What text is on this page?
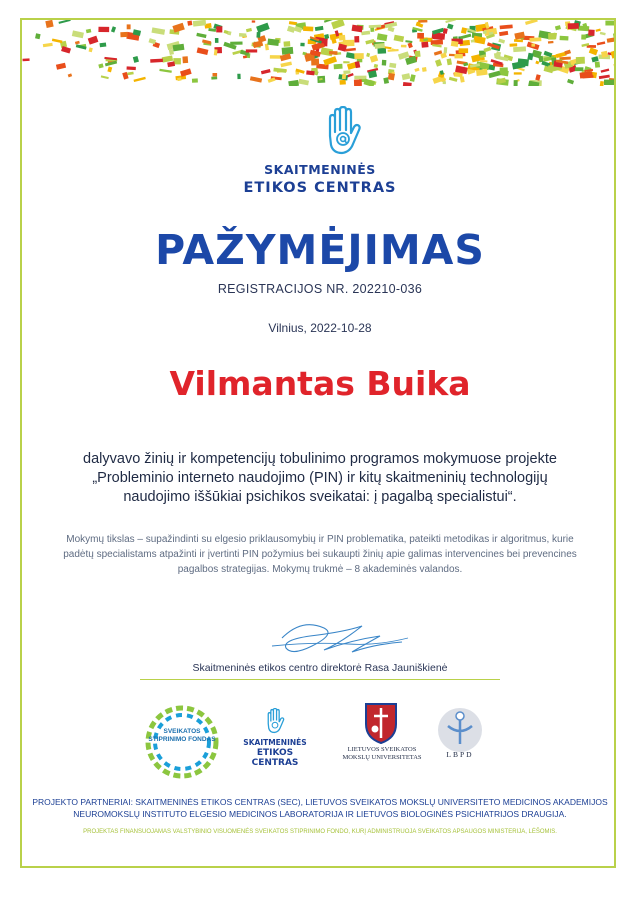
SKAITMENINĖS
ETIKOS CENTRAS
PAŽYMĖJIMAS
REGISTRACIJOS NR. 202210-036
Vilnius, 2022-10-28
Vilmantas Buika
dalyvavo žinių ir kompetencijų tobulinimo programos mokymuose projekte „Probleminio interneto naudojimo (PIN) ir kitų skaitmeninių technologijų naudojimo iššūkiai psichikos sveikatai: į pagalbą specialistui“.
Mokymų tikslas – supažindinti su elgesio priklausomybių ir PIN problematika, pateikti metodikas ir algoritmus, kurie padėtų specialistams atpažinti ir įvertinti PIN požymius bei sukaupti žinių apie galimas intervencines bei prevencines pagalbos strategijas. Mokymų trukmė – 8 akademinės valandos.
Skaitmeninės etikos centro direktorė Rasa Jauniškienė
SVEIKATOS STIPRINIMO FONDAS	SKAITMENINĖS
ETIKOS CENTRAS
LIETUVOS SVEIKATOS MOKSLŲ UNIVERSITETAS	LBPD
PROJEKTO PARTNERIAI: SKAITMENINĖS ETIKOS CENTRAS (SEC), LIETUVOS SVEIKATOS MOKSLŲ UNIVERSITETO MEDICINOS AKADEMIJOS NEUROMOKSLŲ INSTITUTO ELGESIO MEDICINOS LABORATORIJA IR LIETUVOS BIOLOGINĖS PSICHIATRIJOS DRAUGIJA.
PROJEKTAS FINANSUOJAMAS VALSTYBINIO VISUOMENĖS SVEIKATOS STIPRINIMO FONDO, KURĮ ADMINISTRUOJA SVEIKATOS APSAUGOS MINISTERIJA, LĖŠOMIS.
